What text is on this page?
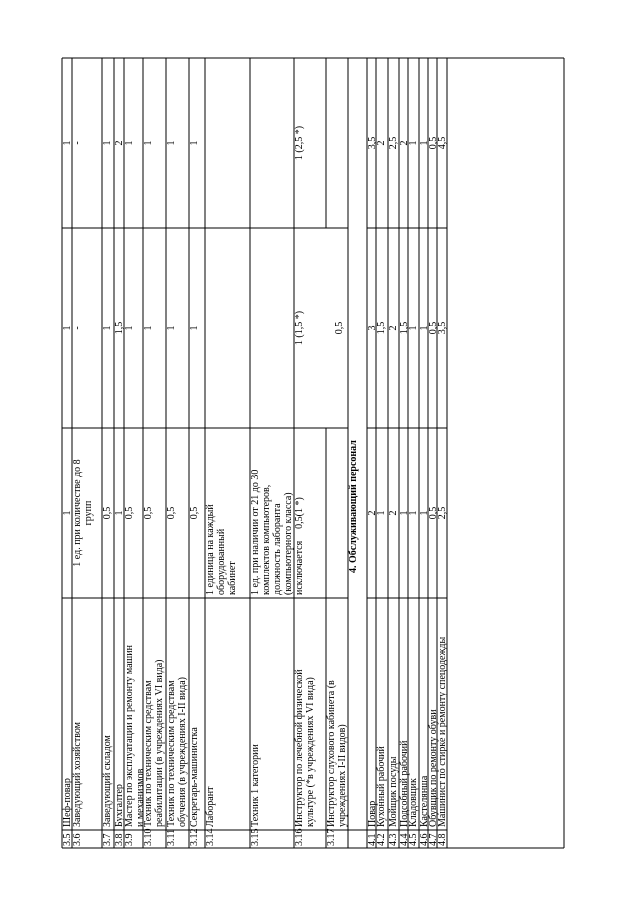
3.5
Шеф-повар
1
1
1
3.6
Заведующий хозяйством
1 ед. при количестве до 8 групп
-
-
3.7
Заведующий складом
0,5
1
1
3.8
Бухгалтер
1
1,5
2
3.9
Мастер по эксплуатации и ремонту машин и механизмов
0,5
1
1
3.10
Техник по техническим средствам реабилитации (в учреждениях VI вида)
0,5
1
1
3.11
Техник по техническим средствам обучения (в учреждениях I-II вида)
0,5
1
1
3.12
Секретарь-машинистка
0,5
1
1
3.14
Лаборант
1 единица на каждый оборудованный кабинет
3.15
Техник 1 категории
1 ед. при наличии от 21 до 30 комплектов компьютеров, должность лаборанта (компьютерного класса) исключается
3.16
Инструктор по лечебной физической культуре (*в учреждениях VI вида)
0,5(1 *)
1 (1,5 *)
1 (2,5 *)
3.17
Инструктор слухового кабинета (в учреждениях I-II видов)
0,5
4. Обслуживающий персонал
4.1
Повар
2
3
3,5
4.2
Кухонный рабочий
1
1,5
2
4.3
Мойщик посуды
2
2
2,5
4.4
Подсобный рабочий
1
1,5
2
4.5
Кладовщик
1
1
1
4.6
Кастелянша
1
1
1
4.7
Обувщик по ремонту обуви
0,5
0,5
0,5
4.8
Машинист по стирке и ремонту спецодежды
2,5
3,5
4,5
